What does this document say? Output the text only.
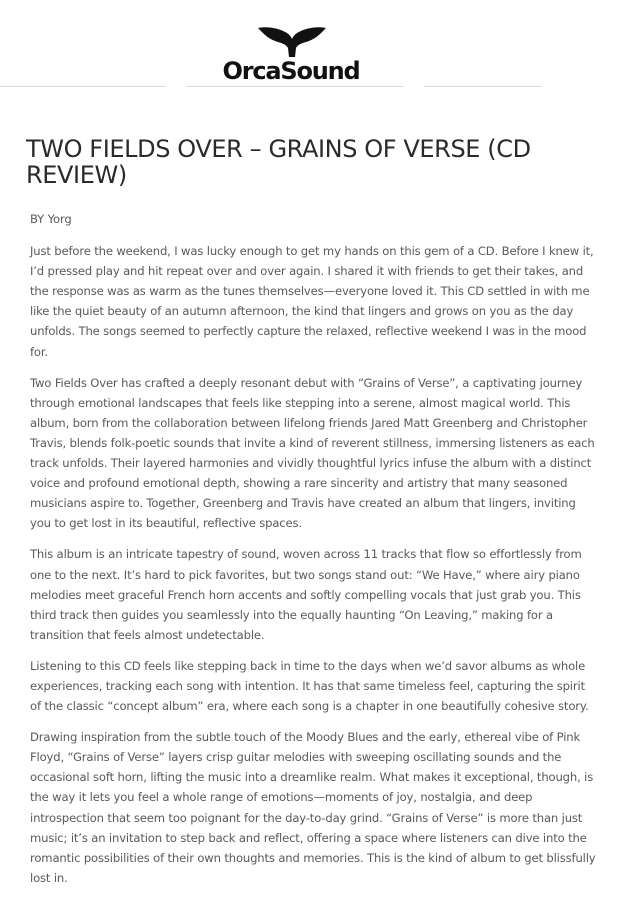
OrcaSound
TWO FIELDS OVER – GRAINS OF VERSE (CD REVIEW)

BY Yorg

Just before the weekend, I was lucky enough to get my hands on this gem of a CD. Before I knew it, I’d pressed play and hit repeat over and over again. I shared it with friends to get their takes, and the response was as warm as the tunes themselves—everyone loved it. This CD settled in with me like the quiet beauty of an autumn afternoon, the kind that lingers and grows on you as the day unfolds. The songs seemed to perfectly capture the relaxed, reflective weekend I was in the mood for.

Two Fields Over has crafted a deeply resonant debut with “Grains of Verse”, a captivating journey through emotional landscapes that feels like stepping into a serene, almost magical world. This album, born from the collaboration between lifelong friends Jared Matt Greenberg and Christopher Travis, blends folk-poetic sounds that invite a kind of reverent stillness, immersing listeners as each track unfolds. Their layered harmonies and vividly thoughtful lyrics infuse the album with a distinct voice and profound emotional depth, showing a rare sincerity and artistry that many seasoned musicians aspire to. Together, Greenberg and Travis have created an album that lingers, inviting you to get lost in its beautiful, reflective spaces.

This album is an intricate tapestry of sound, woven across 11 tracks that flow so effortlessly from one to the next. It’s hard to pick favorites, but two songs stand out: “We Have,” where airy piano melodies meet graceful French horn accents and softly compelling vocals that just grab you. This third track then guides you seamlessly into the equally haunting “On Leaving,” making for a transition that feels almost undetectable.

Listening to this CD feels like stepping back in time to the days when we’d savor albums as whole experiences, tracking each song with intention. It has that same timeless feel, capturing the spirit of the classic “concept album” era, where each song is a chapter in one beautifully cohesive story.

Drawing inspiration from the subtle touch of the Moody Blues and the early, ethereal vibe of Pink Floyd, “Grains of Verse” layers crisp guitar melodies with sweeping oscillating sounds and the occasional soft horn, lifting the music into a dreamlike realm. What makes it exceptional, though, is the way it lets you feel a whole range of emotions—moments of joy, nostalgia, and deep introspection that seem too poignant for the day-to-day grind. “Grains of Verse” is more than just music; it’s an invitation to step back and reflect, offering a space where listeners can dive into the romantic possibilities of their own thoughts and memories. This is the kind of album to get blissfully lost in.
